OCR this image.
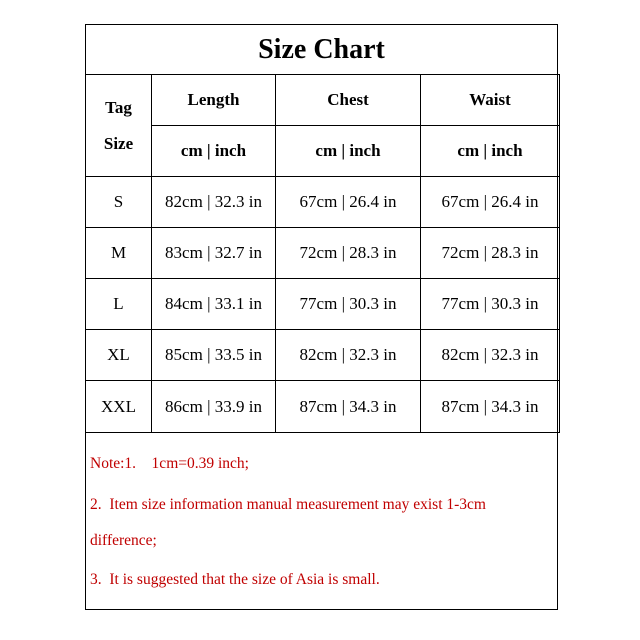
Size Chart
Tag
Size	Length	Chest	Waist
	cm | inch	cm | inch	cm | inch
S	82cm | 32.3 in	67cm | 26.4 in	67cm | 26.4 in
M	83cm | 32.7 in	72cm | 28.3 in	72cm | 28.3 in
L	84cm | 33.1 in	77cm | 30.3 in	77cm | 30.3 in
XL	85cm | 33.5 in	82cm | 32.3 in	82cm | 32.3 in
XXL	86cm | 33.9 in	87cm | 34.3 in	87cm | 34.3 in
Note:1.    1cm=0.39 inch;
2.  Item size information manual measurement may exist 1-3cm
difference;
3.  It is suggested that the size of Asia is small.
